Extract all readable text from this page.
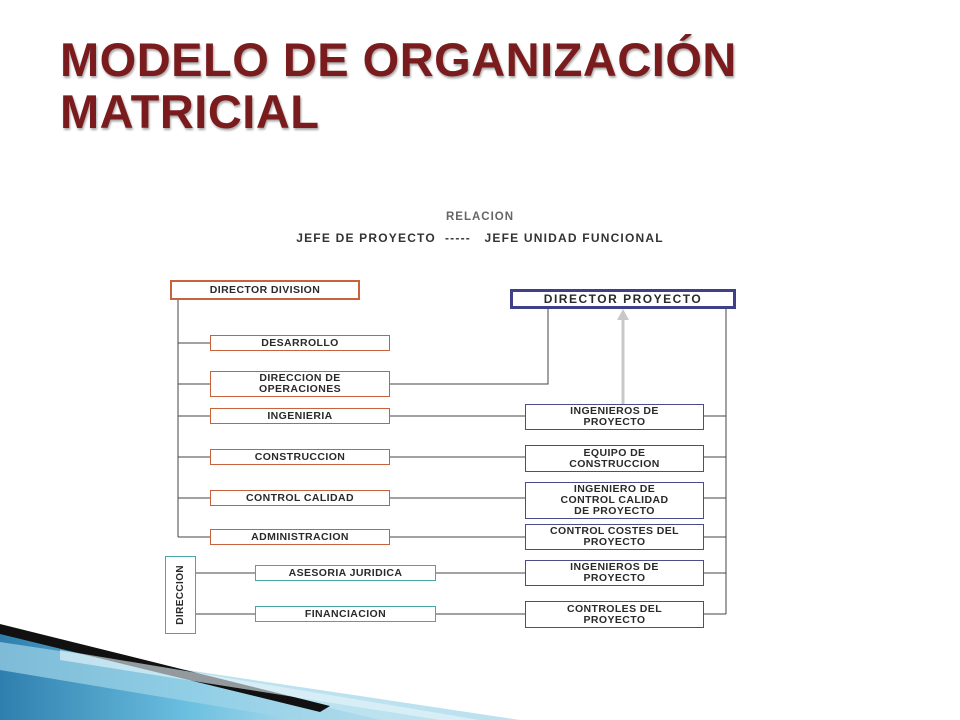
MODELO DE ORGANIZACIÓN MATRICIAL
RELACION
JEFE DE PROYECTO  -----   JEFE UNIDAD FUNCIONAL
DIRECTOR DIVISION
DESARROLLO
DIRECCION DE OPERACIONES
INGENIERIA
CONSTRUCCION
CONTROL CALIDAD
ADMINISTRACION
DIRECCION	ASESORIA JURIDICA
FINANCIACION
DIRECTOR PROYECTO
INGENIEROS DE PROYECTO
EQUIPO DE CONSTRUCCION
INGENIERO DE CONTROL CALIDAD DE PROYECTO
CONTROL COSTES DEL PROYECTO
INGENIEROS DE PROYECTO
CONTROLES DEL PROYECTO
